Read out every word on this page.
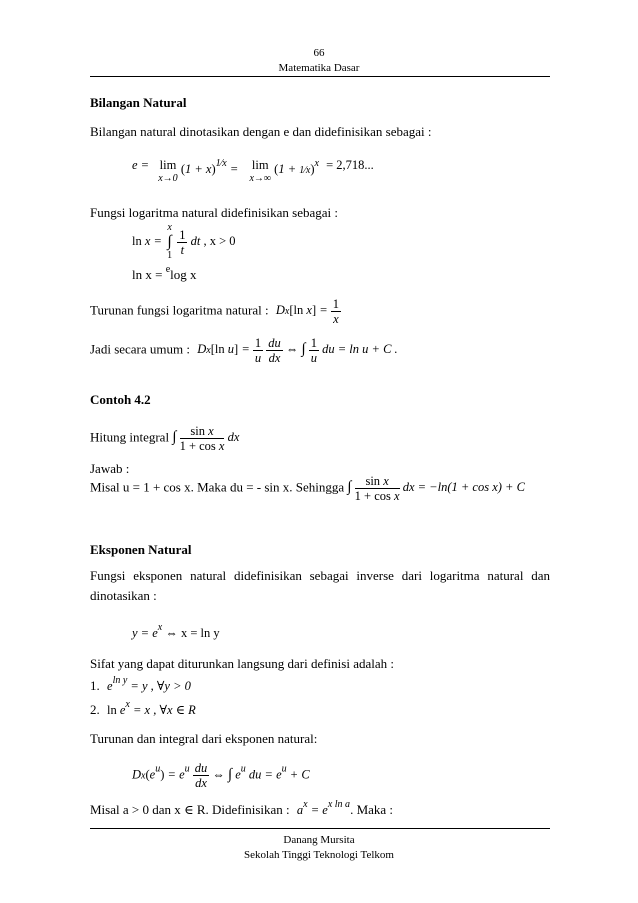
66
Matematika Dasar
Bilangan Natural
Bilangan natural dinotasikan dengan e dan didefinisikan sebagai :
e = lim
x→0
$(1 + x)^{1⁄x} = \lim$
x→∞
(1 + 1⁄x)$^x$ = 2,718...
Fungsi logaritma natural didefinisikan sebagai :
ln x =
x
∫
1
$\frac{1}{t}$ dt , x > 0
ln x = $^e$log x
Turunan fungsi logaritma natural : Dx[ln $x] = \frac{1}{x}$
Jadi secara umum : Dx[ln $u] = \frac{1}{u}$
$\frac{du}{dx}$ ⇔ ∫ $\frac{1}{u}$ du = ln u + C .
Contoh 4.2
Hitung integral ∫ $\frac{\text{sin x}}{\text{1 + cos x}}$ dx
Jawab :
Misal u = 1 + cos x. Maka du = - sin x. Sehingga ∫ $\frac{\text{sin x}}{\text{1 + cos x}}$ dx = −ln(1 + cos x) + C
Eksponen Natural
Fungsi eksponen natural didefinisikan sebagai inverse dari logaritma natural dan dinotasikan :
$y = e^x$ ⇔ x = ln y
Sifat yang dapat diturunkan langsung dari definisi adalah :
1. $e^{ln y} = y$ , ∀y > 0
2. $\ln e^x = x$ , ∀x ∈ R
Turunan dan integral dari eksponen natural:
$Dx(e^u) = e^u \frac{du}{dx}$ ⇔ ∫ $e^u$ du = $e^u + C$
Misal a > 0 dan x ∈ R. Didefinisikan : $a^x = e^{x ln a}$. Maka :
Danang Mursita
Sekolah Tinggi Teknologi Telkom
